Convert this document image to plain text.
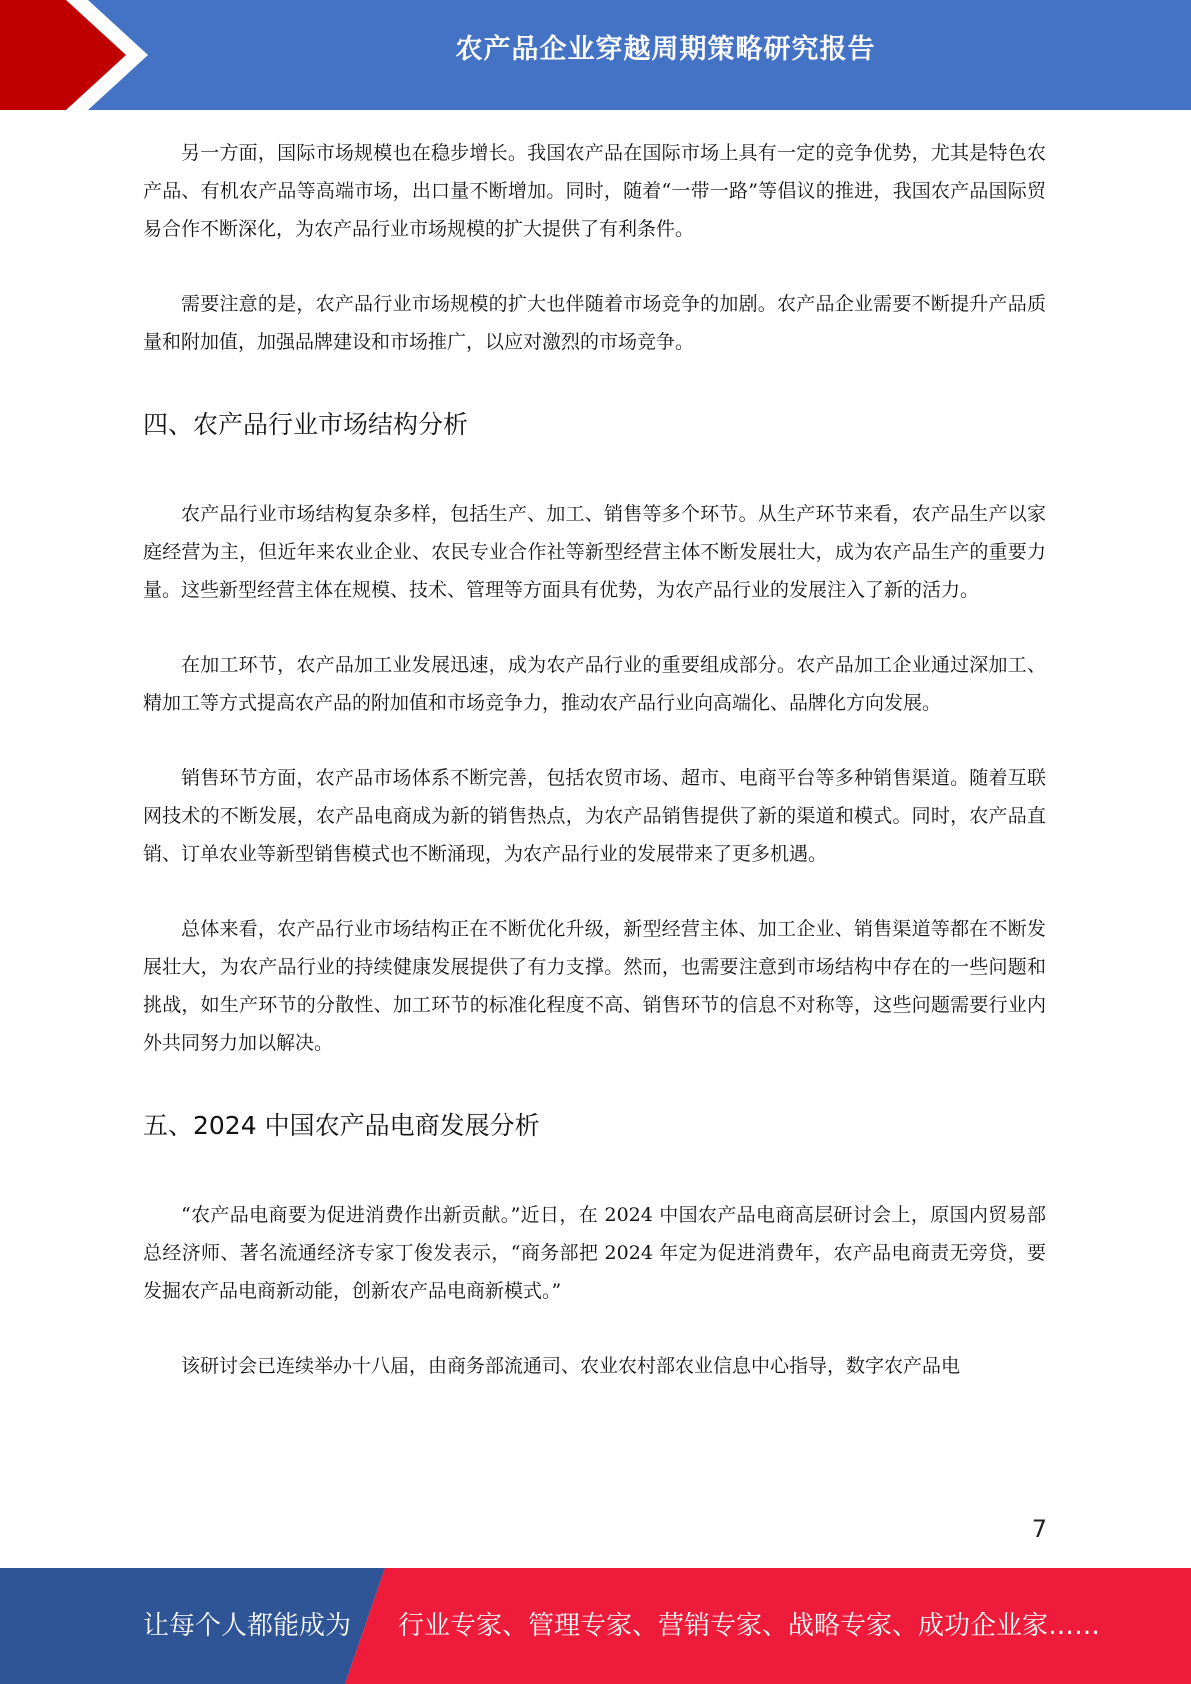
农产品企业穿越周期策略研究报告

另一方面，国际市场规模也在稳步增长。我国农产品在国际市场上具有一定的竞争优势，尤其是特色农产品、有机农产品等高端市场，出口量不断增加。同时，随着“一带一路”等倡议的推进，我国农产品国际贸易合作不断深化，为农产品行业市场规模的扩大提供了有利条件。

需要注意的是，农产品行业市场规模的扩大也伴随着市场竞争的加剧。农产品企业需要不断提升产品质量和附加值，加强品牌建设和市场推广，以应对激烈的市场竞争。

四、农产品行业市场结构分析

农产品行业市场结构复杂多样，包括生产、加工、销售等多个环节。从生产环节来看，农产品生产以家庭经营为主，但近年来农业企业、农民专业合作社等新型经营主体不断发展壮大，成为农产品生产的重要力量。这些新型经营主体在规模、技术、管理等方面具有优势，为农产品行业的发展注入了新的活力。

在加工环节，农产品加工业发展迅速，成为农产品行业的重要组成部分。农产品加工企业通过深加工、精加工等方式提高农产品的附加值和市场竞争力，推动农产品行业向高端化、品牌化方向发展。

销售环节方面，农产品市场体系不断完善，包括农贸市场、超市、电商平台等多种销售渠道。随着互联网技术的不断发展，农产品电商成为新的销售热点，为农产品销售提供了新的渠道和模式。同时，农产品直销、订单农业等新型销售模式也不断涌现，为农产品行业的发展带来了更多机遇。

总体来看，农产品行业市场结构正在不断优化升级，新型经营主体、加工企业、销售渠道等都在不断发展壮大，为农产品行业的持续健康发展提供了有力支撑。然而，也需要注意到市场结构中存在的一些问题和挑战，如生产环节的分散性、加工环节的标准化程度不高、销售环节的信息不对称等，这些问题需要行业内外共同努力加以解决。

五、2024 中国农产品电商发展分析

“农产品电商要为促进消费作出新贡献。”近日，在 2024 中国农产品电商高层研讨会上，原国内贸易部总经济师、著名流通经济专家丁俊发表示，“商务部把 2024 年定为促进消费年，农产品电商责无旁贷，要发掘农产品电商新动能，创新农产品电商新模式。”

该研讨会已连续举办十八届，由商务部流通司、农业农村部农业信息中心指导，数字农产品电

7
让每个人都能成为 行业专家、管理专家、营销专家、战略专家、成功企业家……
